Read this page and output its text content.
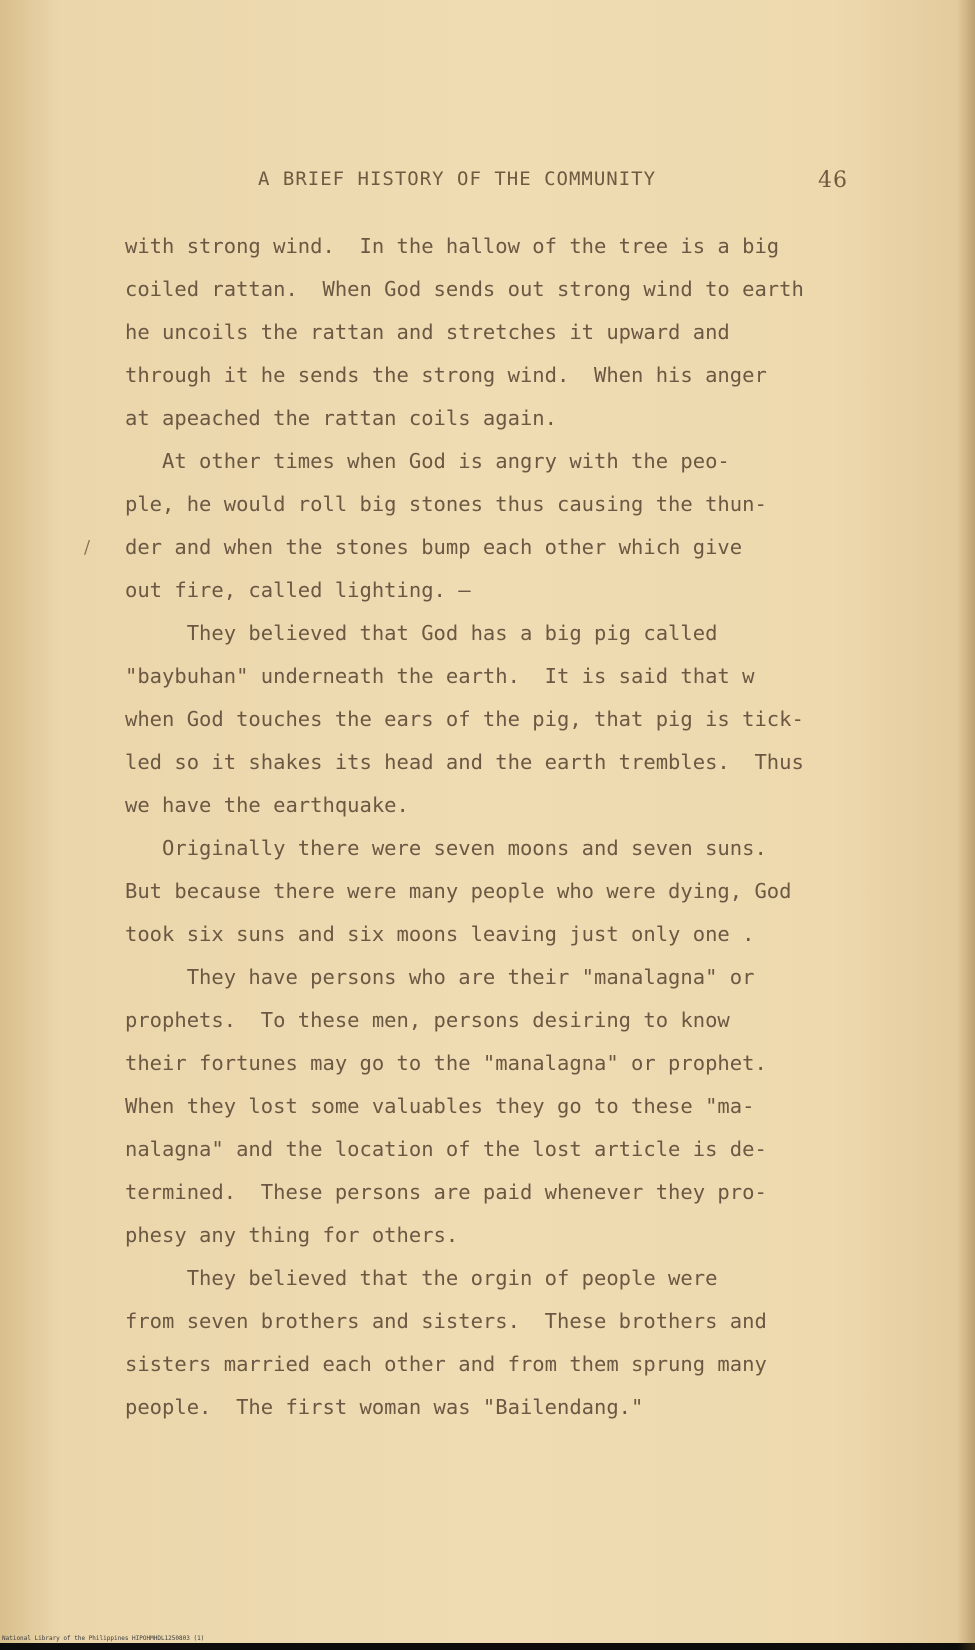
A BRIEF HISTORY OF THE COMMUNITY	46
/
with strong wind.  In the hallow of the tree is a big
coiled rattan.  When God sends out strong wind to earth
he uncoils the rattan and stretches it upward and
through it he sends the strong wind.  When his anger
at apeached the rattan coils again.
At other times when God is angry with the peo-
ple, he would roll big stones thus causing the thun-
der and when the stones bump each other which give
out fire, called lighting. —
They believed that God has a big pig called
"baybuhan" underneath the earth.  It is said that w
when God touches the ears of the pig, that pig is tick-
led so it shakes its head and the earth trembles.  Thus
we have the earthquake.
Originally there were seven moons and seven suns.
But because there were many people who were dying, God
took six suns and six moons leaving just only one .
They have persons who are their "manalagna" or
prophets.  To these men, persons desiring to know
their fortunes may go to the "manalagna" or prophet.
When they lost some valuables they go to these "ma-
nalagna" and the location of the lost article is de-
termined.  These persons are paid whenever they pro-
phesy any thing for others.
They believed that the orgin of people were
from seven brothers and sisters.  These brothers and
sisters married each other and from them sprung many
people.  The first woman was "Bailendang."
National Library of the Philippines HIPOHMHDL1250803 (1)
